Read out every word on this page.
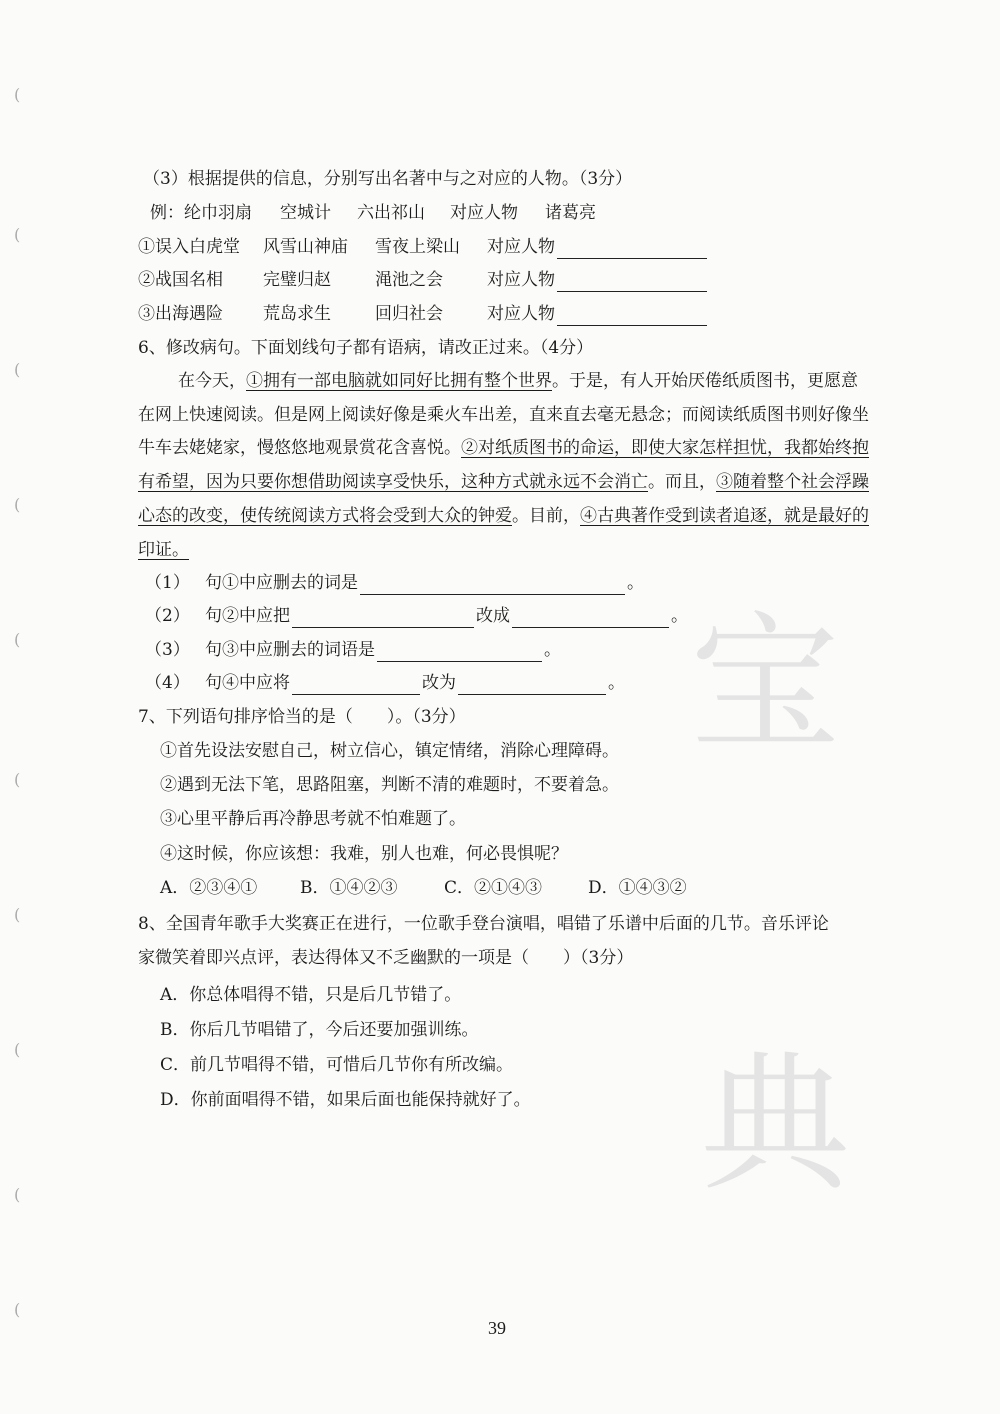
宝
典
(
(
(
(
(
(
(
(
(
(
（3）根据提供的信息，分别写出名著中与之对应的人物。（3分）
例：纶巾羽扇 空城计 六出祁山 对应人物 诸葛亮
①误入白虎堂 风雪山神庙 雪夜上梁山 对应人物
②战国名相 完璧归赵	渑池之会	对应人物
③出海遇险 荒岛求生	回归社会	对应人物
6、修改病句。下面划线句子都有语病，请改正过来。（4分）
在今天，①拥有一部电脑就如同好比拥有整个世界。于是，有人开始厌倦纸质图书，更愿意
在网上快速阅读。但是网上阅读好像是乘火车出差，直来直去毫无悬念；而阅读纸质图书则好像坐
牛车去姥姥家，慢悠悠地观景赏花含喜悦。②对纸质图书的命运，即使大家怎样担忧，我都始终抱
有希望，因为只要你想借助阅读享受快乐，这种方式就永远不会消亡。而且，③随着整个社会浮躁
心态的改变，使传统阅读方式将会受到大众的钟爱。目前，④古典著作受到读者追逐，就是最好的
印证。
（1） 句①中应删去的词是	。
（2） 句②中应把	改成	。
（3） 句③中应删去的词语是	。
（4） 句④中应将	改为	。
7、下列语句排序恰当的是（　　）。（3分）
①首先设法安慰自己，树立信心，镇定情绪，消除心理障碍。
②遇到无法下笔，思路阻塞，判断不清的难题时，不要着急。
③心里平静后再冷静思考就不怕难题了。
④这时候，你应该想：我难，别人也难，何必畏惧呢？
A．②③④①	B．①④②③	C．②①④③	D．①④③②
8、全国青年歌手大奖赛正在进行，一位歌手登台演唱，唱错了乐谱中后面的几节。音乐评论
家微笑着即兴点评，表达得体又不乏幽默的一项是（　　）（3分）
A．你总体唱得不错，只是后几节错了。
B．你后几节唱错了，今后还要加强训练。
C．前几节唱得不错，可惜后几节你有所改编。
D．你前面唱得不错，如果后面也能保持就好了。
39
